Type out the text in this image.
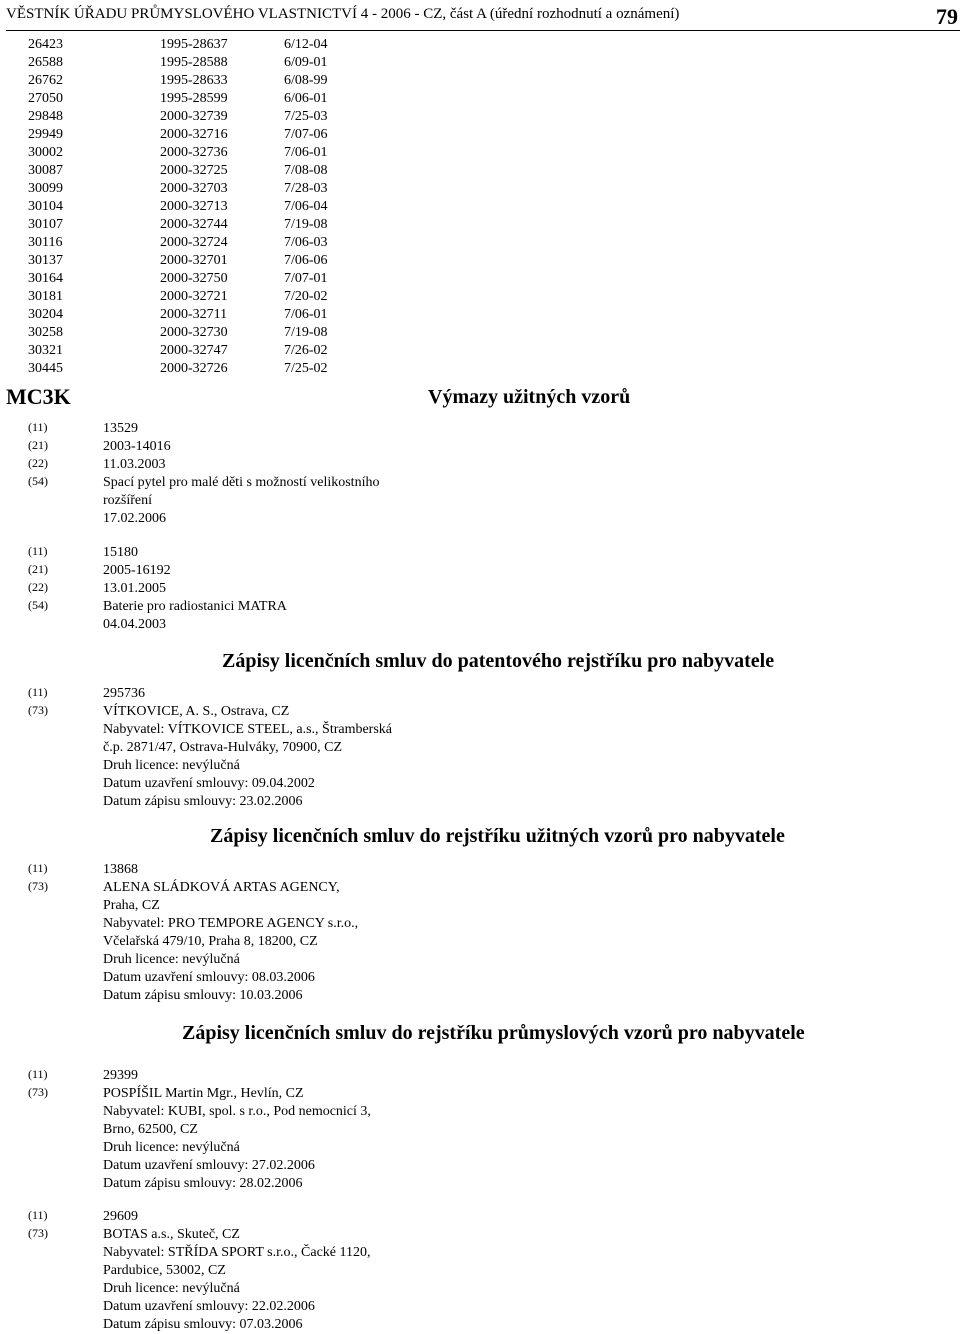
VĚSTNÍK ÚŘADU PRŮMYSLOVÉHO VLASTNICTVÍ 4 - 2006 - CZ, část A (úřední rozhodnutí a oznámení)	79
26423	1995-28637	6/12-04
26588	1995-28588	6/09-01
26762	1995-28633	6/08-99
27050	1995-28599	6/06-01
29848	2000-32739	7/25-03
29949	2000-32716	7/07-06
30002	2000-32736	7/06-01
30087	2000-32725	7/08-08
30099	2000-32703	7/28-03
30104	2000-32713	7/06-04
30107	2000-32744	7/19-08
30116	2000-32724	7/06-03
30137	2000-32701	7/06-06
30164	2000-32750	7/07-01
30181	2000-32721	7/20-02
30204	2000-32711	7/06-01
30258	2000-32730	7/19-08
30321	2000-32747	7/26-02
30445	2000-32726	7/25-02
MC3K	Výmazy užitných vzorů
(11)	13529
(21)	2003-14016
(22)	11.03.2003
(54)	Spací pytel pro malé děti s možností velikostního
rozšíření
17.02.2006
(11)	15180
(21)	2005-16192
(22)	13.01.2005
(54)	Baterie pro radiostanici MATRA
04.04.2003
Zápisy licenčních smluv do patentového rejstříku pro nabyvatele
(11)	295736
(73)	VÍTKOVICE, A. S., Ostrava, CZ
Nabyvatel: VÍTKOVICE STEEL, a.s., Štramberská
č.p. 2871/47, Ostrava-Hulváky, 70900, CZ
Druh licence: nevýlučná
Datum uzavření smlouvy: 09.04.2002
Datum zápisu smlouvy: 23.02.2006
Zápisy licenčních smluv do rejstříku užitných vzorů pro nabyvatele
(11)	13868
(73)	ALENA SLÁDKOVÁ ARTAS AGENCY,
Praha, CZ
Nabyvatel: PRO TEMPORE AGENCY s.r.o.,
Včelařská 479/10, Praha 8, 18200, CZ
Druh licence: nevýlučná
Datum uzavření smlouvy: 08.03.2006
Datum zápisu smlouvy: 10.03.2006
Zápisy licenčních smluv do rejstříku průmyslových vzorů pro nabyvatele
(11)	29399
(73)	POSPÍŠIL Martin Mgr., Hevlín, CZ
Nabyvatel: KUBI, spol. s r.o., Pod nemocnicí 3,
Brno, 62500, CZ
Druh licence: nevýlučná
Datum uzavření smlouvy: 27.02.2006
Datum zápisu smlouvy: 28.02.2006
(11)	29609
(73)	BOTAS a.s., Skuteč, CZ
Nabyvatel: STŘÍDA SPORT s.r.o., Čacké 1120,
Pardubice, 53002, CZ
Druh licence: nevýlučná
Datum uzavření smlouvy: 22.02.2006
Datum zápisu smlouvy: 07.03.2006
